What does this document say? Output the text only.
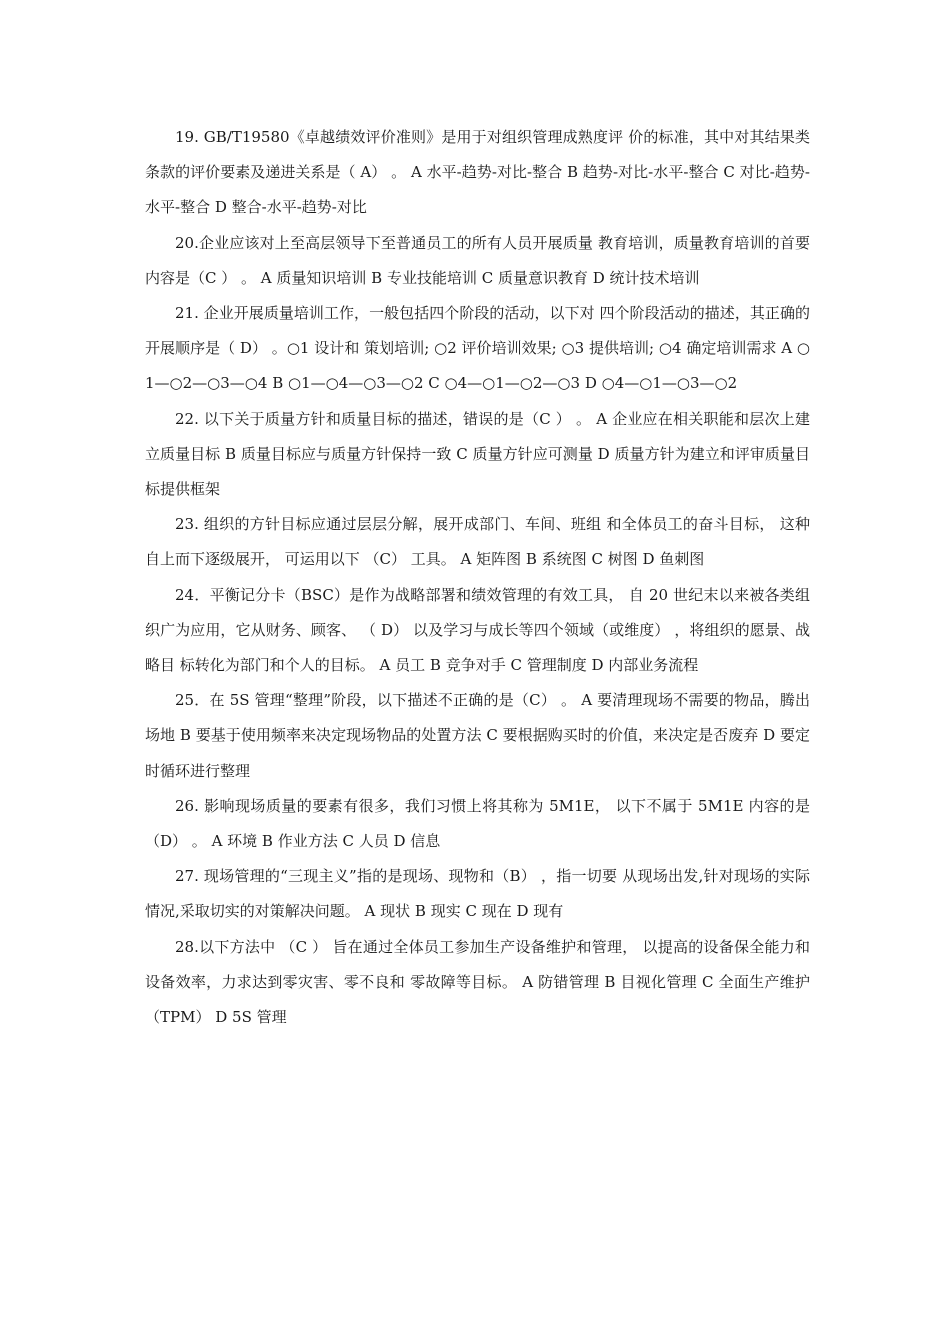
19. GB/T19580《卓越绩效评价准则》是用于对组织管理成熟度评 价的标准，其中对其结果类条款的评价要素及递进关系是（ A） 。 A 水平-趋势-对比-整合 B 趋势-对比-水平-整合 C 对比-趋势-水平-整合 D 整合-水平-趋势-对比

20.企业应该对上至高层领导下至普通员工的所有人员开展质量 教育培训，质量教育培训的首要内容是（C ） 。 A 质量知识培训 B 专业技能培训 C 质量意识教育 D 统计技术培训

21. 企业开展质量培训工作，一般包括四个阶段的活动，以下对 四个阶段活动的描述，其正确的开展顺序是（ D） 。○1 设计和 策划培训; ○2 评价培训效果; ○3 提供培训; ○4 确定培训需求 A ○1—○2—○3—○4 B ○1—○4—○3—○2 C ○4—○1—○2—○3 D ○4—○1—○3—○2

22. 以下关于质量方针和质量目标的描述，错误的是（C ） 。 A 企业应在相关职能和层次上建立质量目标 B 质量目标应与质量方针保持一致 C 质量方针应可测量 D 质量方针为建立和评审质量目标提供框架

23. 组织的方针目标应通过层层分解，展开成部门、车间、班组 和全体员工的奋斗目标， 这种自上而下逐级展开， 可运用以下 （C） 工具。 A 矩阵图 B 系统图 C 树图 D 鱼刺图

24．平衡记分卡（BSC）是作为战略部署和绩效管理的有效工具， 自 20 世纪末以来被各类组织广为应用，它从财务、顾客、 （ D） 以及学习与成长等四个领域（或维度） ，将组织的愿景、战略目 标转化为部门和个人的目标。 A 员工 B 竞争对手 C 管理制度 D 内部业务流程

25．在 5S 管理“整理”阶段，以下描述不正确的是（C） 。 A 要清理现场不需要的物品，腾出场地 B 要基于使用频率来决定现场物品的处置方法 C 要根据购买时的价值，来决定是否废弃 D 要定时循环进行整理

26. 影响现场质量的要素有很多，我们习惯上将其称为 5M1E， 以下不属于 5M1E 内容的是（D） 。 A 环境 B 作业方法 C 人员 D 信息

27. 现场管理的“三现主义”指的是现场、现物和（B） ，指一切要 从现场出发,针对现场的实际情况,采取切实的对策解决问题。 A 现状 B 现实 C 现在 D 现有

28.以下方法中 （C ） 旨在通过全体员工参加生产设备维护和管理， 以提高的设备保全能力和设备效率，力求达到零灾害、零不良和 零故障等目标。 A 防错管理 B 目视化管理 C 全面生产维护（TPM） D 5S 管理
